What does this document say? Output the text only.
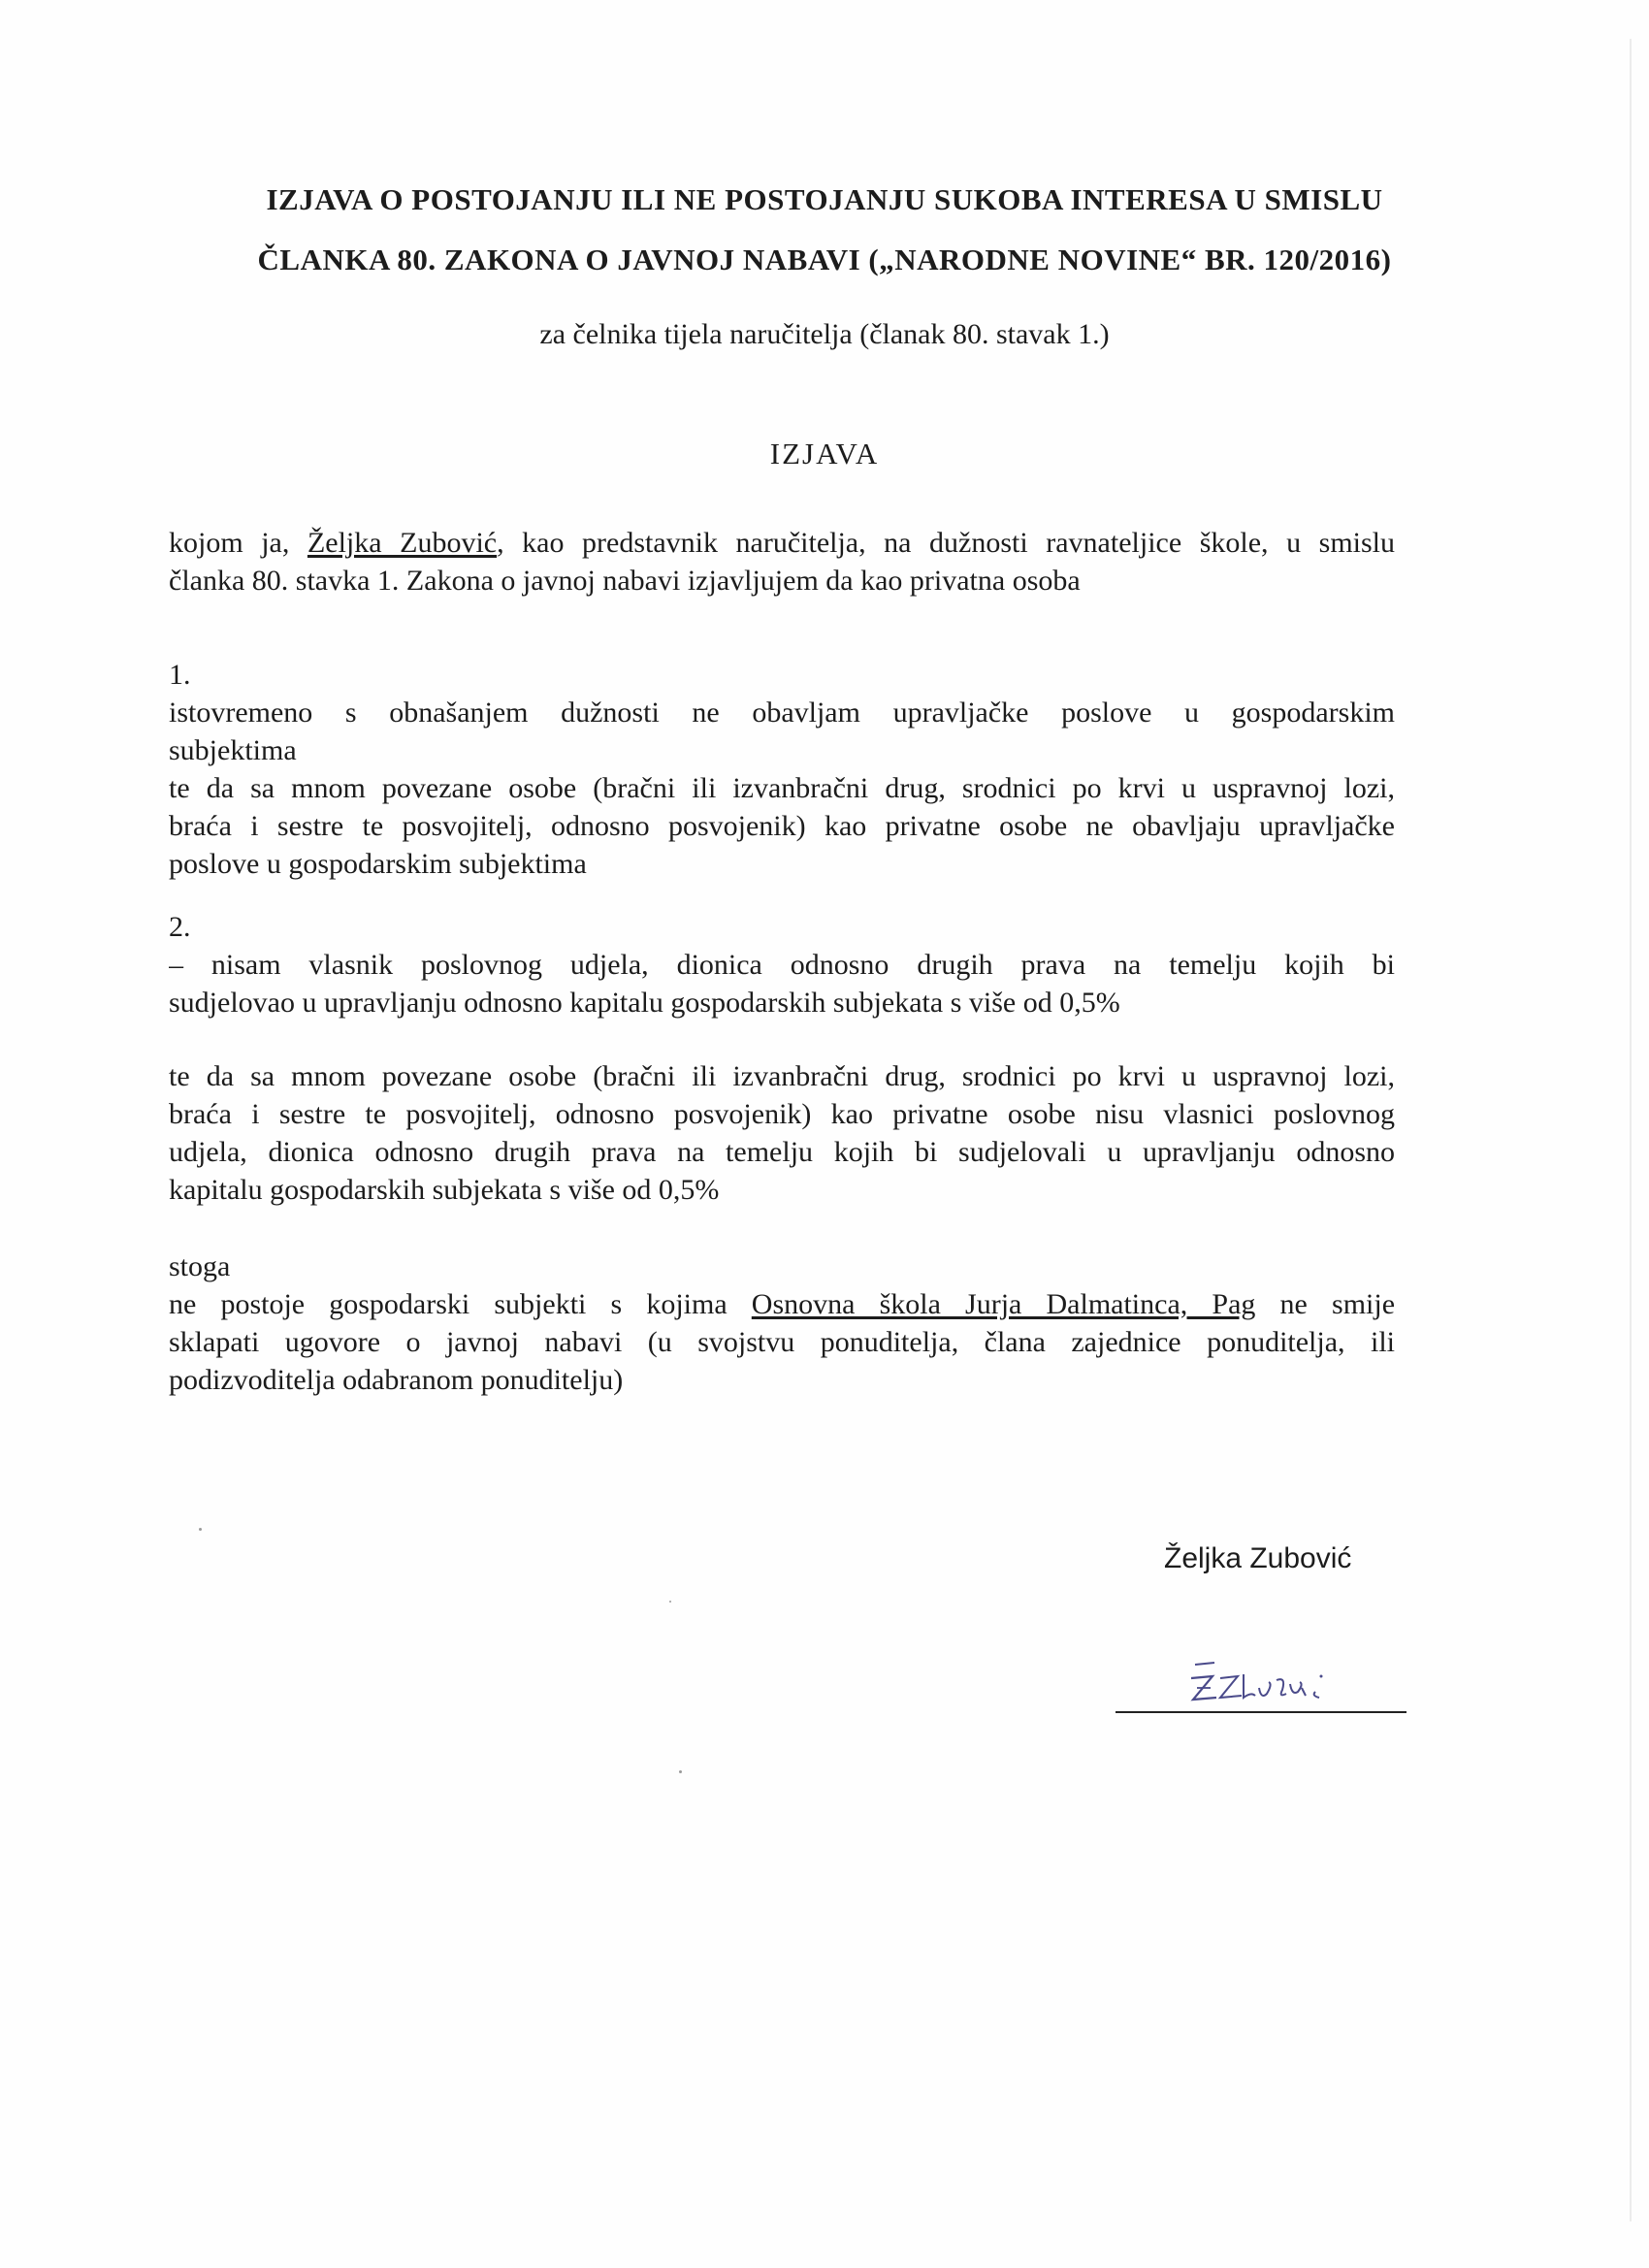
IZJAVA O POSTOJANJU ILI NE POSTOJANJU SUKOBA INTERESA U SMISLU
ČLANKA 80. ZAKONA O JAVNOJ NABAVI („NARODNE NOVINE“ BR. 120/2016)
za čelnika tijela naručitelja (članak 80. stavak 1.)
IZJAVA
kojom ja, Željka Zubović, kao predstavnik naručitelja, na dužnosti ravnateljice škole, u smislu
članka 80. stavka 1. Zakona o javnoj nabavi izjavljujem da kao privatna osoba
1.
istovremeno s obnašanjem dužnosti ne obavljam upravljačke poslove u gospodarskim
subjektima
te da sa mnom povezane osobe (bračni ili izvanbračni drug, srodnici po krvi u uspravnoj lozi,
braća i sestre te posvojitelj, odnosno posvojenik) kao privatne osobe ne obavljaju upravljačke
poslove u gospodarskim subjektima
2.
– nisam vlasnik poslovnog udjela, dionica odnosno drugih prava na temelju kojih bi
sudjelovao u upravljanju odnosno kapitalu gospodarskih subjekata s više od 0,5%
te da sa mnom povezane osobe (bračni ili izvanbračni drug, srodnici po krvi u uspravnoj lozi,
braća i sestre te posvojitelj, odnosno posvojenik) kao privatne osobe nisu vlasnici poslovnog
udjela, dionica odnosno drugih prava na temelju kojih bi sudjelovali u upravljanju odnosno
kapitalu gospodarskih subjekata s više od 0,5%
stoga
ne postoje gospodarski subjekti s kojima Osnovna škola Jurja Dalmatinca, Pag ne smije
sklapati ugovore o javnoj nabavi (u svojstvu ponuditelja, člana zajednice ponuditelja, ili
podizvoditelja odabranom ponuditelju)
Željka Zubović
